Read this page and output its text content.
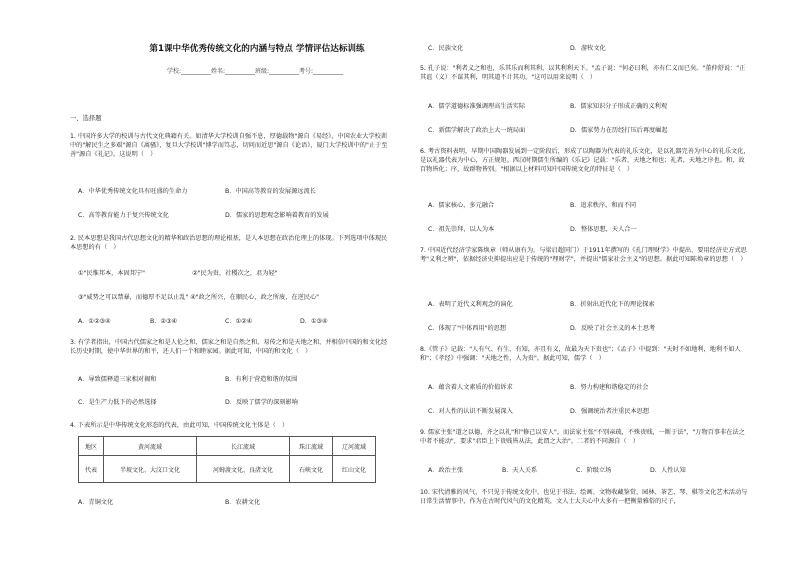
第1课中华优秀传统文化的内涵与特点 学情评估达标训练
学校:__________姓名:__________班级:__________考号:__________
一、选择题
1. 中国许多大学的校训与古代文化典籍有关。如清华大学校训自强不息，厚德载物"源自《易经》，中国农业大学校训中的"解民生之多艰"源自《离骚》，复旦大学校训"博学而笃志，切问而近思"源自《论语》，厦门大学校训中的"止于至善"源自《礼记》。这说明（　）
A．中华优秀传统文化具有旺盛的生命力	B．中国高等教育的发展源远流长
C．高等教育能力于复兴传统文化	D．儒家的思想观念影响着教育的发展
2. 民本思想是我国古代思想文化的精华和政治思想的理论根基，是人本思想在政治伦理上的体现。下列选项中体现民本思想的有（　）
①"民惟邦本，本固邦宁"	②"民为贵，社稷次之，君为轻"
③"威势之可以禁暴，而德厚不足以止乱" ④"政之所兴，在顺民心，政之所废，在逆民心"
A．①②③④	B．②③④	C．①②④	D．①③④
3. 有学者指出，中国古代儒家之和是人伦之和，儒家之和是自然之和，易传之和是天地之和，并相信中国的和文化经长历史时期，使中华世界的和平，还人们一个和睦家园。据此可知，中国的和文化（　）
A．导致儒释道三家相对揭和	B．有利于营造和谐的氛围
C．是生产力低下的必然选择	D．反映了儒学的深刻影响
4. 下表所示是中华传统文化形态的代表，由此可知，中国传统文化主体是（　）
地区	黄河流域	长江流域	珠江流域	辽河流域
代表	半坡文化、大汶口文化	河姆渡文化、良渚文化	石峡文化	红山文化
A．青铜文化	B．农耕文化
C．民族文化	D．游牧文化
5. 孔子说："利者义之和也，乐其乐而利其利，以其利利天下。"孟子说："何必曰利，亦有仁义而已矣。"董仲舒说："正其谊（义）不谋其利，明其道不计其功。"这可以用来说明（　）
A．儒学道德标准强调理高生活实际	B．儒家知识分子形成正确的义利观
C．新儒学解决了政治上大一统局面	D．儒家势力在历经打压后再度崛起
6. 考古资料表明，早期中国陶器发展到一定阶段后，形成了以陶器为代表的礼乐文化，是以礼器完善为中心的礼乐文化，是以礼器代表为中心，方正规矩。西汉时期儒生所编的《乐记》记载："乐者，天地之和也；礼者，天地之序也。和，故百物皆化；序，故群物皆别。"根据以上材料可知中国传统文化的特征是（　）
A．儒家核心，多元融合	B．追求秩序，和而不同
C．祖先崇拜，以人为本	D．整体思想，天人合一
7. 中国近代经济学家陈焕章（师从康有为，与梁启超同门）于1911年撰写的《孔门理财学》中提出，要用经济史方式思考"义利之辨"，依据经济史抑提出应是于传统的"理财学"，并提出"儒家社会主义"的思想。据此可知陈焕章的思想（　）
A．表明了近代义利观念的演化	B．折射出近代化下的理论探索
C．体现了"中体西用"的思想	D．反映了社会主义的本土思考
8.《管子》记载："人有气、有生、有知，亦且有义，故最为天下贵也"；《孟子》中提到："天时不如地利，地利不如人和"；《孝经》中强调："天地之性，人为贵"。据此可知，儒学（　）
A．蕴含着人文素质的价值诉求	B．努力构建和谐稳定的社会
C．对人性的认识不断发展深入	D．强调统治者注重民本思想
9. 儒家主张"道之以德，齐之以礼"和"修己以安人"，而法家主张"不别亲疏，不殊贵贱，一断于法"，"万物百事非在法之中者不能动"，要求"君臣上下贵贱皆从法，此谓之大治"。二者的不同源自（　）
A．政治主张	B．天人关系	C．阶级立场	D．人性认知
10. 宋代清雅的风气，不只见于传统文化中，也见于书法、绘画、文物收藏鉴赏、园林、茶艺、琴、棋等文化艺术活动与日常生活情事中，作为在古时代风气的文化精英，文人士大夫心中大多有一把衡量雅俗的尺子，
